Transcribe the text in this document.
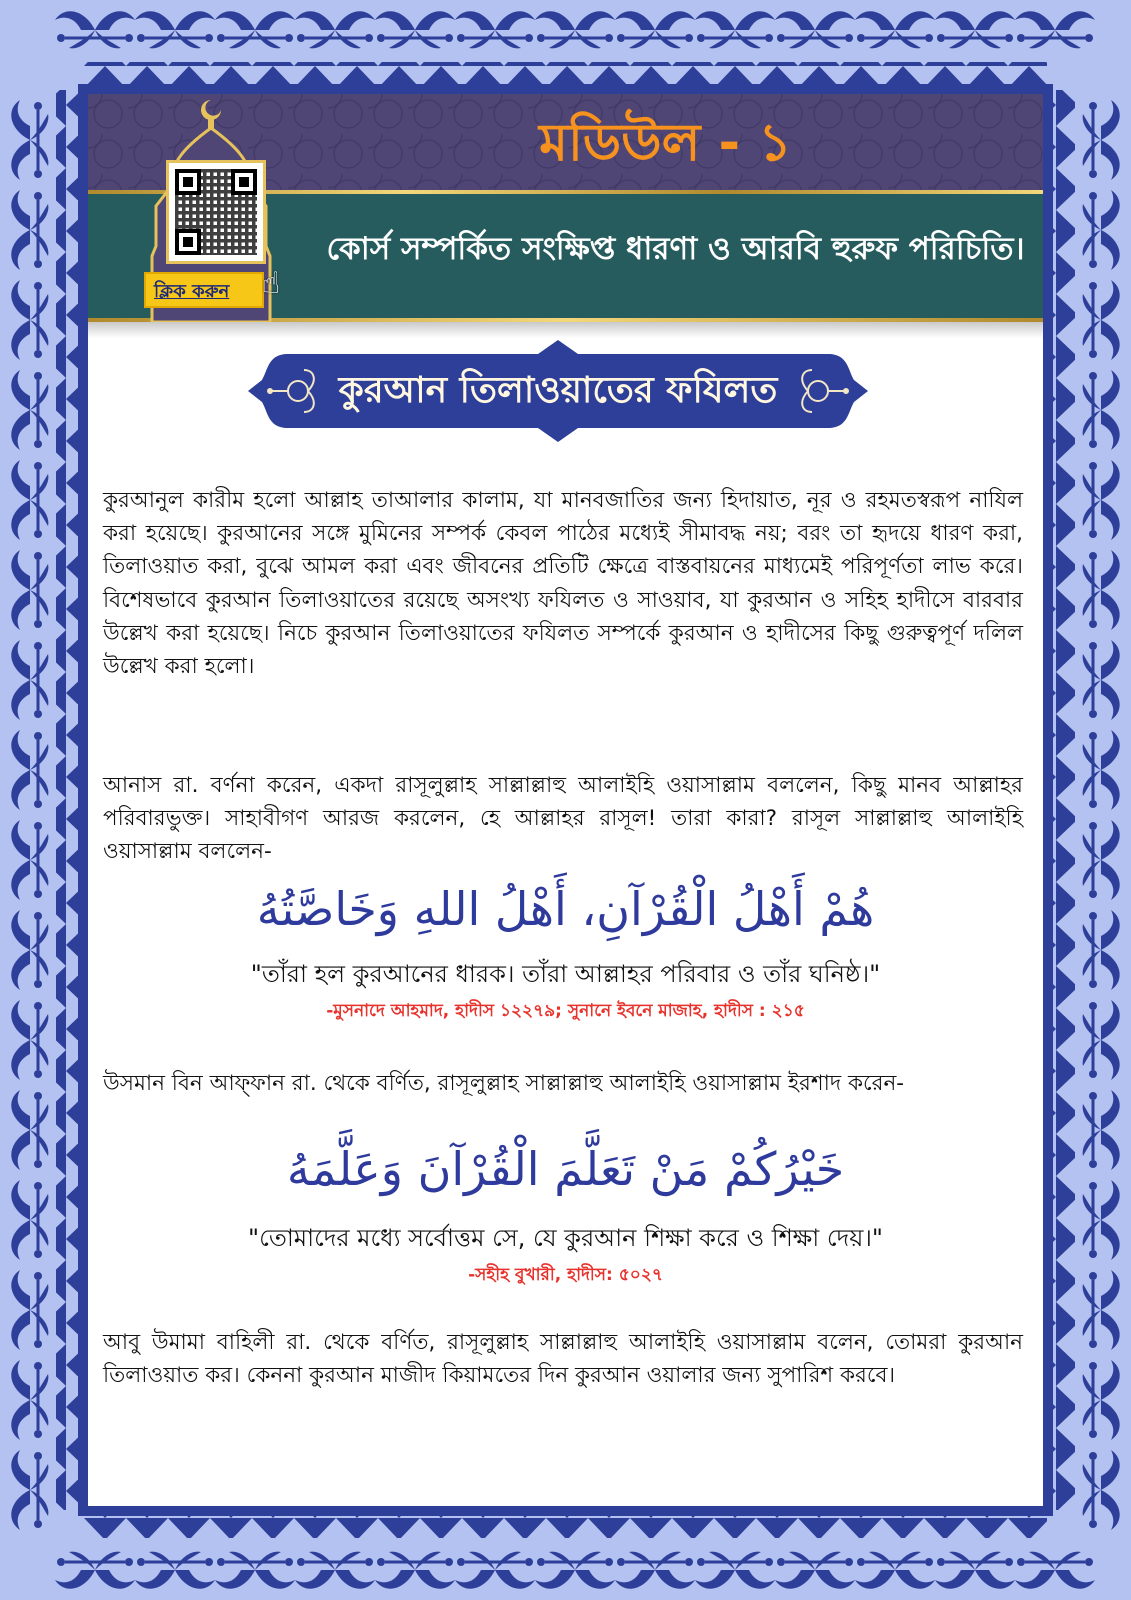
মডিউল - ১
কোর্স সম্পর্কিত সংক্ষিপ্ত ধারণা ও আরবি হুরুফ পরিচিতি।
ক্লিক করুন	☝
কুরআন তিলাওয়াতের ফযিলত
কুরআনুল কারীম হলো আল্লাহ তাআলার কালাম, যা মানবজাতির জন্য হিদায়াত, নূর ও রহমতস্বরূপ নাযিল করা হয়েছে। কুরআনের সঙ্গে মুমিনের সম্পর্ক কেবল পাঠের মধ্যেই সীমাবদ্ধ নয়; বরং তা হৃদয়ে ধারণ করা, তিলাওয়াত করা, বুঝে আমল করা এবং জীবনের প্রতিটি ক্ষেত্রে বাস্তবায়নের মাধ্যমেই পরিপূর্ণতা লাভ করে। বিশেষভাবে কুরআন তিলাওয়াতের রয়েছে অসংখ্য ফযিলত ও সাওয়াব, যা কুরআন ও সহিহ হাদীসে বারবার উল্লেখ করা হয়েছে। নিচে কুরআন তিলাওয়াতের ফযিলত সম্পর্কে কুরআন ও হাদীসের কিছু গুরুত্বপূর্ণ দলিল উল্লেখ করা হলো।
আনাস রা. বর্ণনা করেন, একদা রাসূলুল্লাহ সাল্লাল্লাহু আলাইহি ওয়াসাল্লাম বললেন, কিছু মানব আল্লাহর পরিবারভুক্ত। সাহাবীগণ আরজ করলেন, হে আল্লাহর রাসূল! তারা কারা? রাসূল সাল্লাল্লাহু আলাইহি ওয়াসাল্লাম বললেন-
هُمْ أَهْلُ الْقُرْآنِ، أَهْلُ اللهِ وَخَاصَّتُهُ
"তাঁরা হল কুরআনের ধারক। তাঁরা আল্লাহর পরিবার ও তাঁর ঘনিষ্ঠ।"
-মুসনাদে আহমাদ, হাদীস ১২২৭৯; সুনানে ইবনে মাজাহ, হাদীস : ২১৫
উসমান বিন আফ্‌ফান রা. থেকে বর্ণিত, রাসূলুল্লাহ সাল্লাল্লাহু আলাইহি ওয়াসাল্লাম ইরশাদ করেন-
خَيْرُكُمْ مَنْ تَعَلَّمَ الْقُرْآنَ وَعَلَّمَهُ
"তোমাদের মধ্যে সর্বোত্তম সে, যে কুরআন শিক্ষা করে ও শিক্ষা দেয়।"
-সহীহ বুখারী, হাদীস: ৫০২৭
আবু উমামা বাহিলী রা. থেকে বর্ণিত, রাসূলুল্লাহ সাল্লাল্লাহু আলাইহি ওয়াসাল্লাম বলেন, তোমরা কুরআন তিলাওয়াত কর। কেননা কুরআন মাজীদ কিয়ামতের দিন কুরআন ওয়ালার জন্য সুপারিশ করবে।
